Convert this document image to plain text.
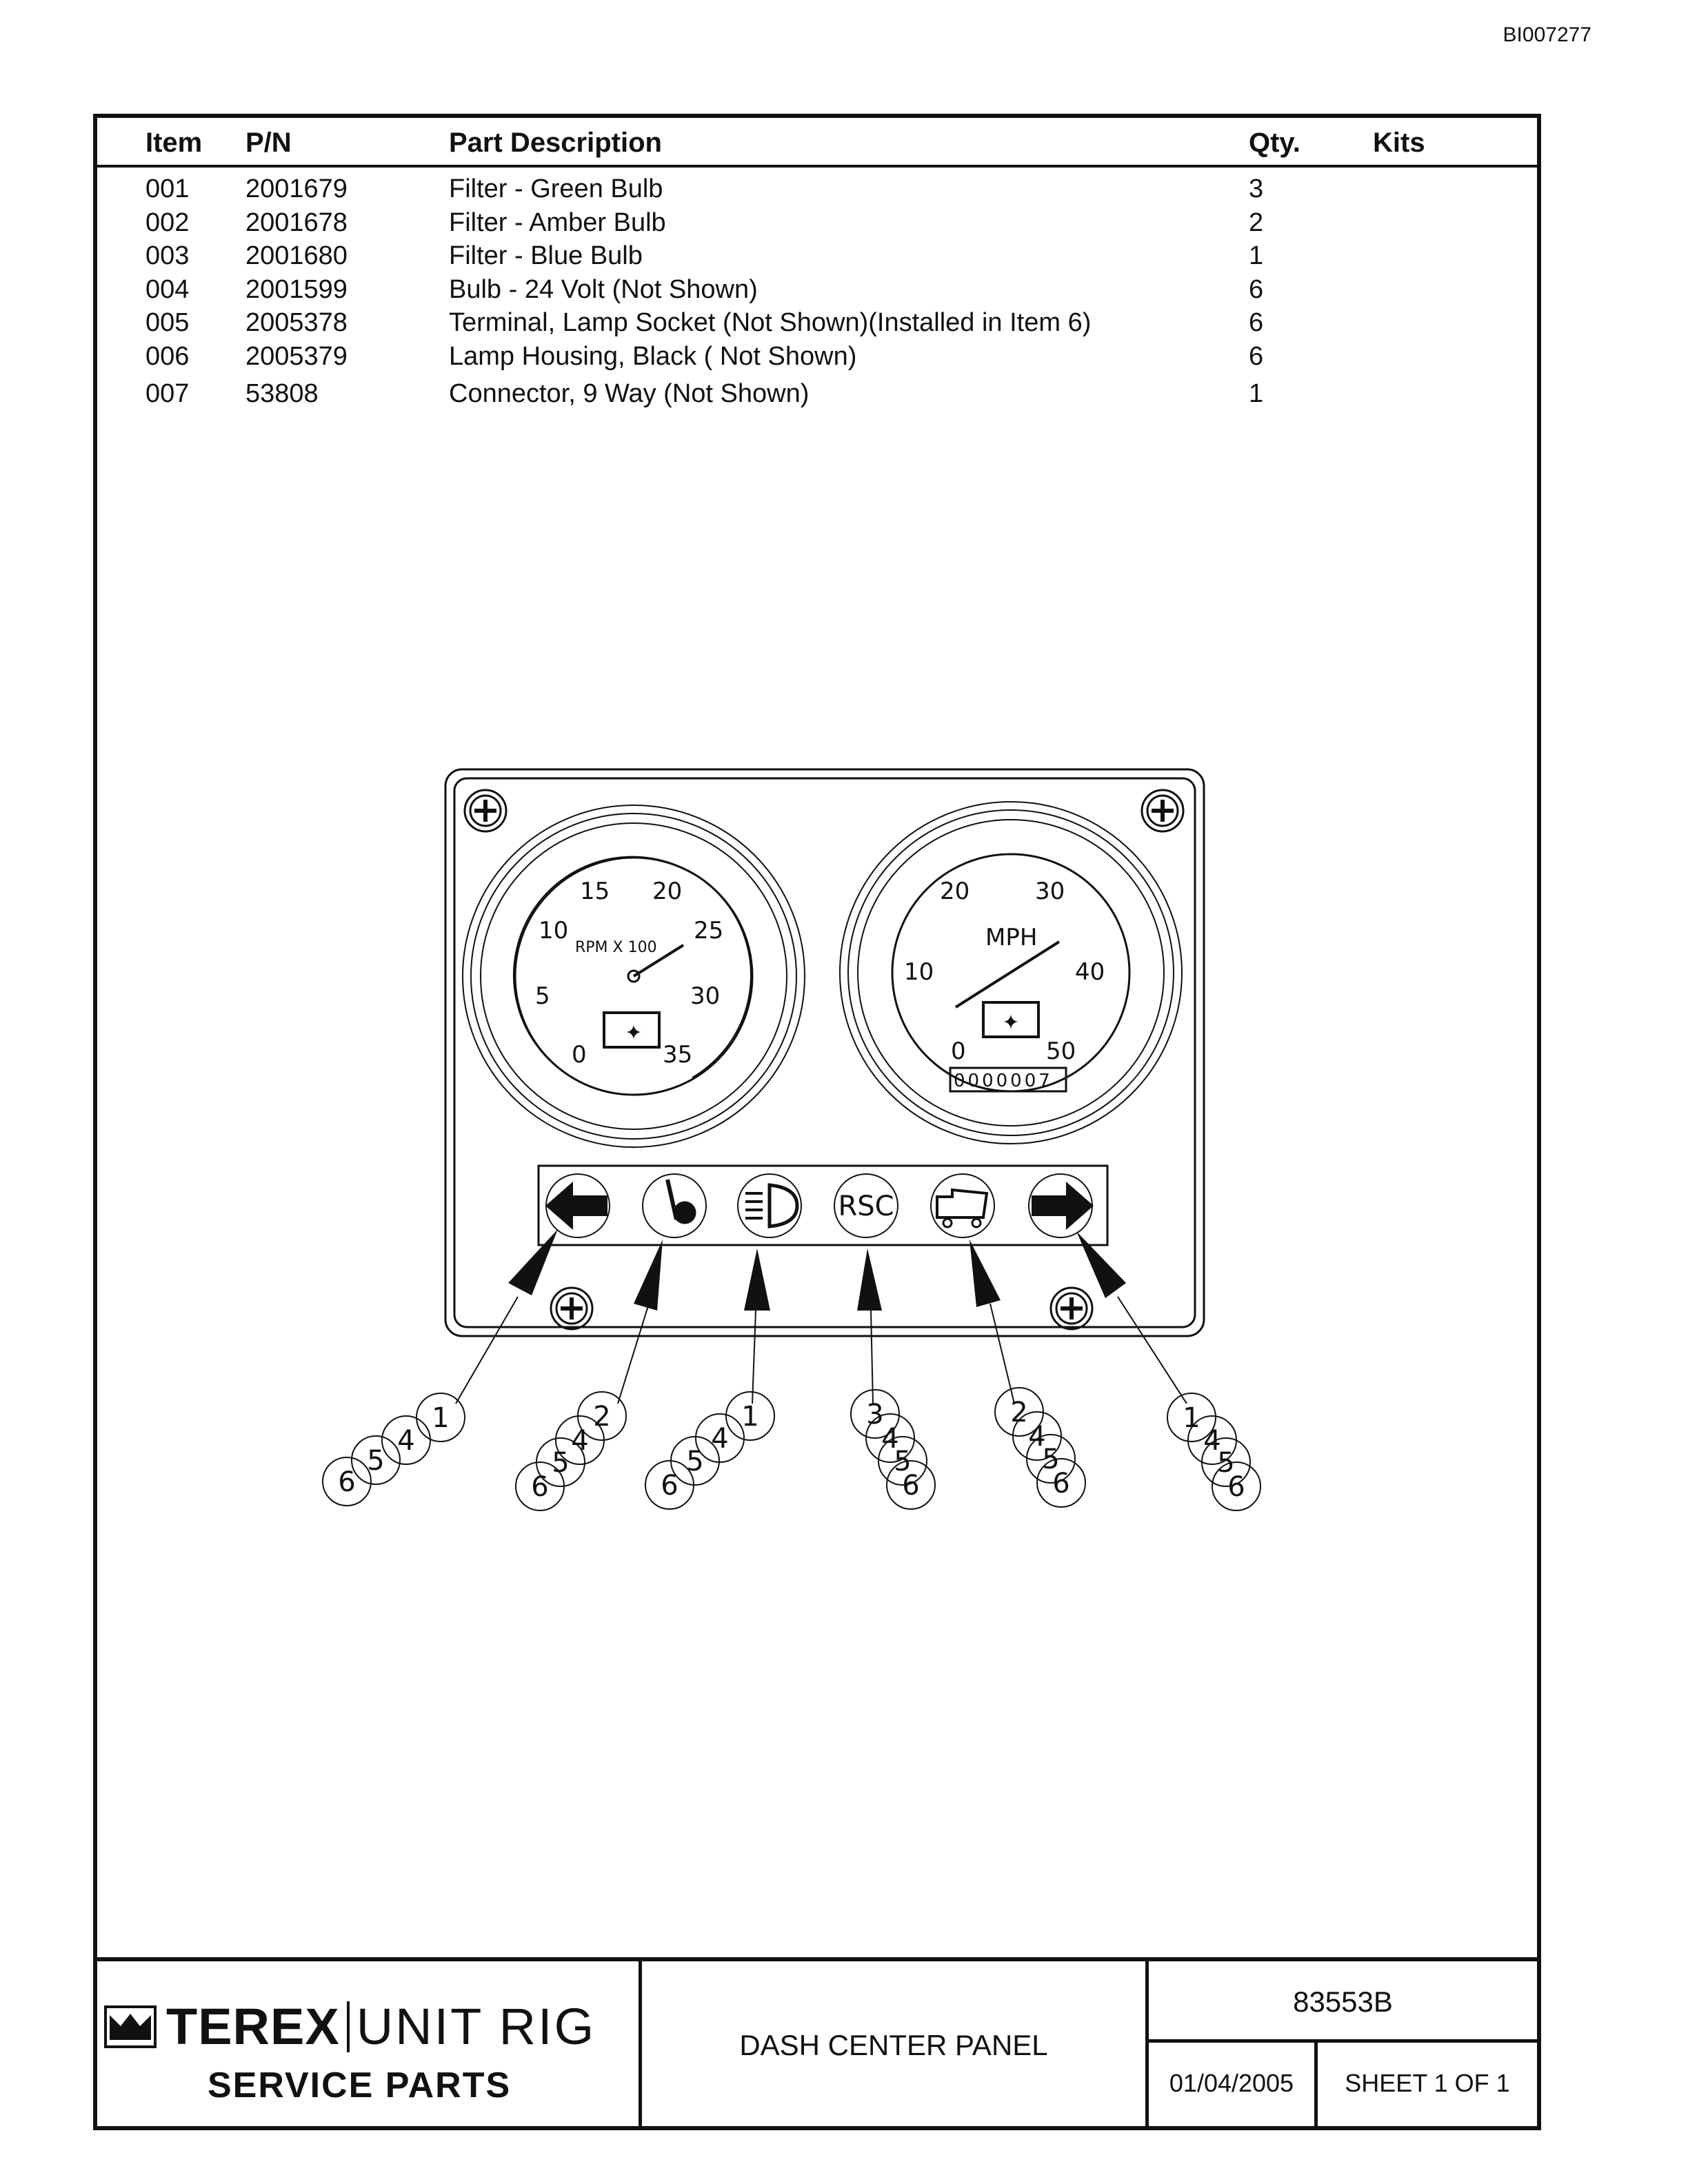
BI007277
Item P/N	Part Description	Qty.	Kits
001 2001679	Filter - Green Bulb	3
002 2001678	Filter - Amber Bulb	2
003 2001680	Filter - Blue Bulb	1
004 2001599	Bulb - 24 Volt (Not Shown)	6
005 2005378	Terminal, Lamp Socket (Not Shown)(Installed in Item 6)	6
006 2005379	Lamp Housing, Black ( Not Shown)	6
007 53808	Connector, 9 Way (Not Shown)	1
✦
0
5
10
15 20
25
30
35
RPM X 100
✦
0
10
20	30
40
50
MPH
0000007
RSC
1
4
5
6
2
4
5
6
1
4
5
6
3
4
5
6
2
4
5
6
1
4
5
6
TEREX UNIT RIG
SERVICE PARTS
DASH CENTER PANEL
83553B
01/04/2005	SHEET 1 OF 1
